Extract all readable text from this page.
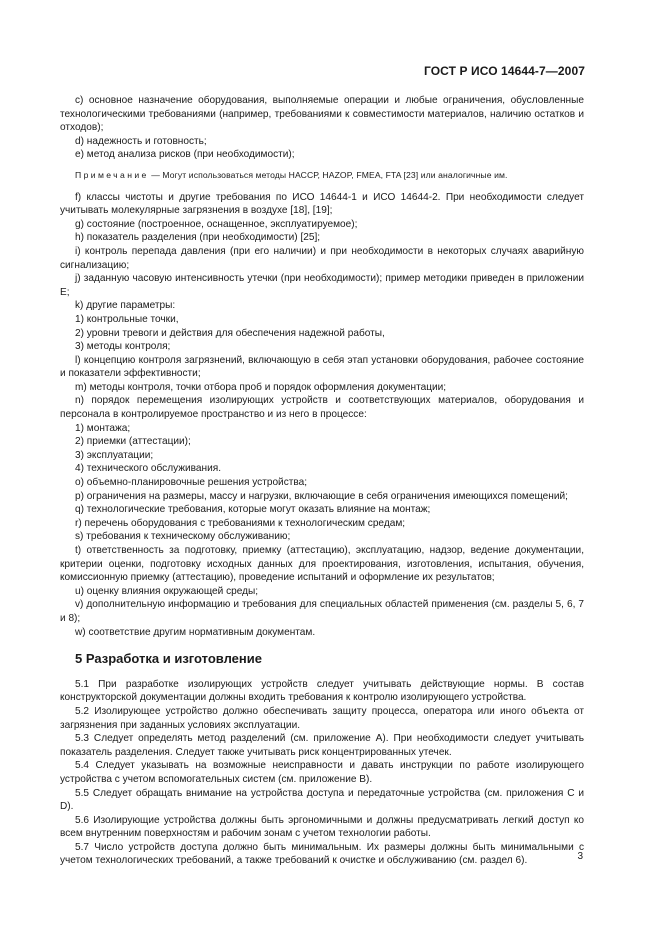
ГОСТ Р ИСО 14644-7—2007

c) основное назначение оборудования, выполняемые операции и любые ограничения, обусловленные технологическими требованиями (например, требованиями к совместимости материалов, наличию остатков и отходов);

d) надежность и готовность;

e) метод анализа рисков (при необходимости);

Примечание — Могут использоваться методы НАССР, HAZOP, FMEA, FTA [23] или аналогичные им.

f) классы чистоты и другие требования по ИСО 14644-1 и ИСО 14644-2. При необходимости следует учитывать молекулярные загрязнения в воздухе [18], [19];

g) состояние (построенное, оснащенное, эксплуатируемое);

h) показатель разделения (при необходимости) [25];

i) контроль перепада давления (при его наличии) и при необходимости в некоторых случаях аварийную сигнализацию;

j) заданную часовую интенсивность утечки (при необходимости); пример методики приведен в приложении Е;

k) другие параметры:

1) контрольные точки,

2) уровни тревоги и действия для обеспечения надежной работы,

3) методы контроля;

l) концепцию контроля загрязнений, включающую в себя этап установки оборудования, рабочее состояние и показатели эффективности;

m) методы контроля, точки отбора проб и порядок оформления документации;

n) порядок перемещения изолирующих устройств и соответствующих материалов, оборудования и персонала в контролируемое пространство и из него в процессе:

1) монтажа;

2) приемки (аттестации);

3) эксплуатации;

4) технического обслуживания.

o) объемно-планировочные решения устройства;

p) ограничения на размеры, массу и нагрузки, включающие в себя ограничения имеющихся помещений;

q) технологические требования, которые могут оказать влияние на монтаж;

r) перечень оборудования с требованиями к технологическим средам;

s) требования к техническому обслуживанию;

t) ответственность за подготовку, приемку (аттестацию), эксплуатацию, надзор, ведение документации, критерии оценки, подготовку исходных данных для проектирования, изготовления, испытания, обучения, комиссионную приемку (аттестацию), проведение испытаний и оформление их результатов;

u) оценку влияния окружающей среды;

v) дополнительную информацию и требования для специальных областей применения (см. разделы 5, 6, 7 и 8);

w) соответствие другим нормативным документам.

5 Разработка и изготовление

5.1 При разработке изолирующих устройств следует учитывать действующие нормы. В состав конструкторской документации должны входить требования к контролю изолирующего устройства.

5.2 Изолирующее устройство должно обеспечивать защиту процесса, оператора или иного объекта от загрязнения при заданных условиях эксплуатации.

5.3 Следует определять метод разделений (см. приложение А). При необходимости следует учитывать показатель разделения. Следует также учитывать риск концентрированных утечек.

5.4 Следует указывать на возможные неисправности и давать инструкции по работе изолирующего устройства с учетом вспомогательных систем (см. приложение В).

5.5 Следует обращать внимание на устройства доступа и передаточные устройства (см. приложения С и D).

5.6 Изолирующие устройства должны быть эргономичными и должны предусматривать легкий доступ ко всем внутренним поверхностям и рабочим зонам с учетом технологии работы.

5.7 Число устройств доступа должно быть минимальным. Их размеры должны быть минимальными с учетом технологических требований, а также требований к очистке и обслуживанию (см. раздел 6).	3
